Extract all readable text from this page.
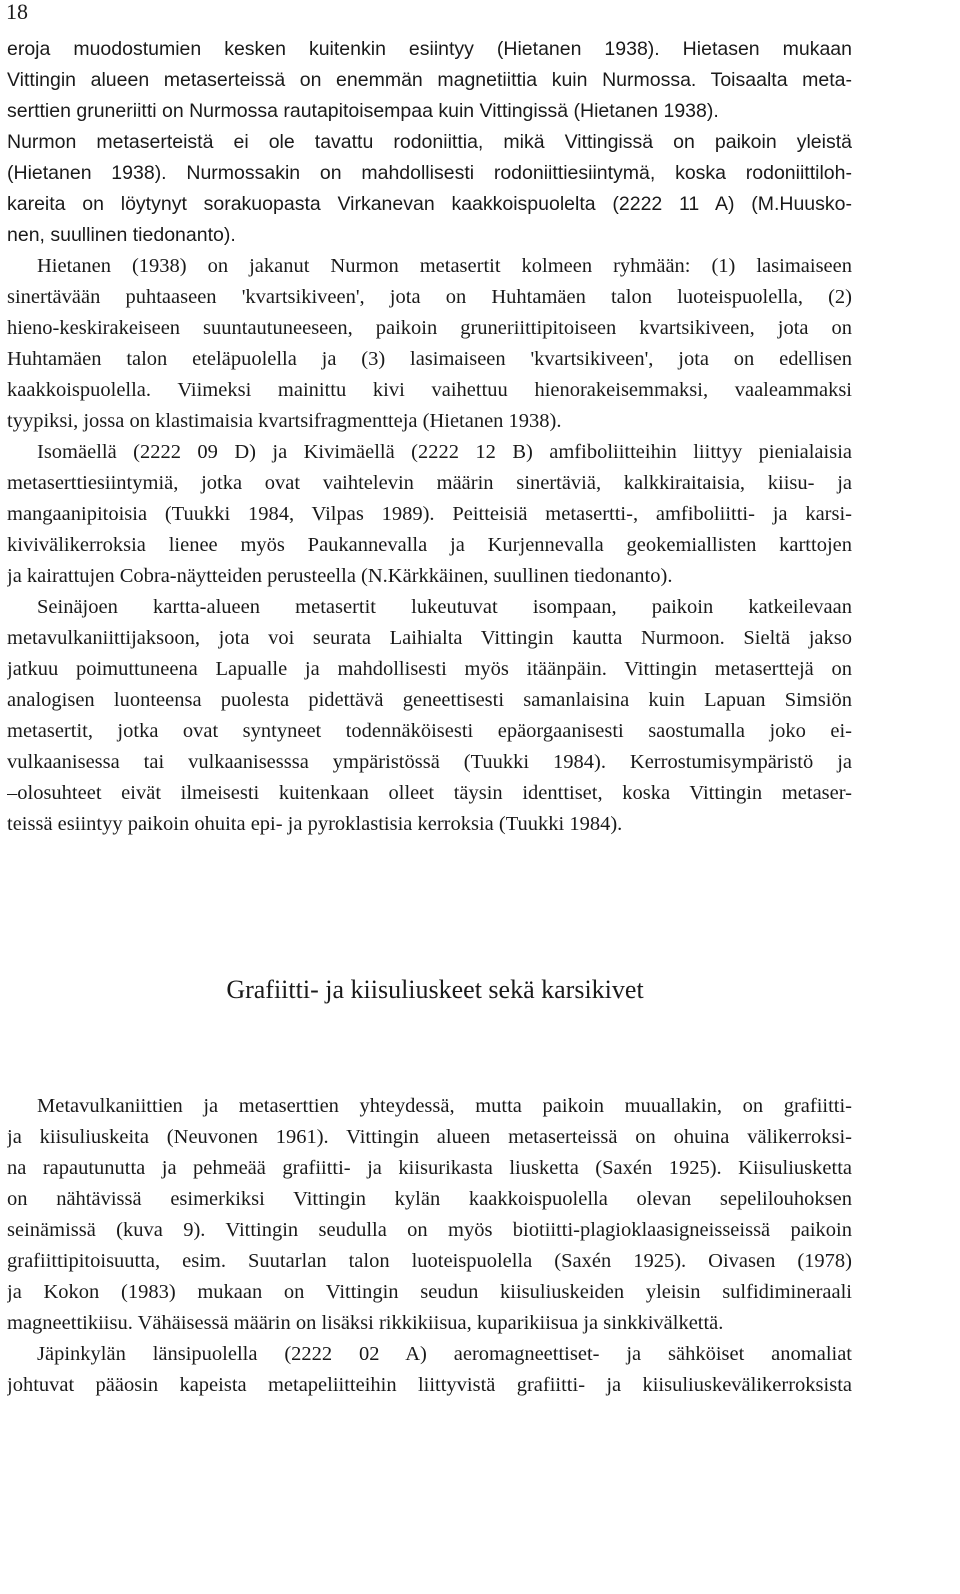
18
eroja muodostumien kesken kuitenkin esiintyy (Hietanen 1938). Hietasen mukaan
Vittingin alueen metaserteissä on enemmän magnetiittia kuin Nurmossa. Toisaalta meta-
serttien gruneriitti on Nurmossa rautapitoisempaa kuin Vittingissä (Hietanen 1938).
Nurmon metaserteistä ei ole tavattu rodoniittia, mikä Vittingissä on paikoin yleistä
(Hietanen 1938). Nurmossakin on mahdollisesti rodoniittiesiintymä, koska rodoniittiloh-
kareita on löytynyt sorakuopasta Virkanevan kaakkoispuolelta (2222 11 A) (M.Huusko-
nen, suullinen tiedonanto).
Hietanen (1938) on jakanut Nurmon metasertit kolmeen ryhmään: (1) lasimaiseen
sinertävään puhtaaseen 'kvartsikiveen', jota on Huhtamäen talon luoteispuolella, (2)
hieno-keskirakeiseen suuntautuneeseen, paikoin gruneriittipitoiseen kvartsikiveen, jota on
Huhtamäen talon eteläpuolella ja (3) lasimaiseen 'kvartsikiveen', jota on edellisen
kaakkoispuolella. Viimeksi mainittu kivi vaihettuu hienorakeisemmaksi, vaaleammaksi
tyypiksi, jossa on klastimaisia kvartsifragmentteja (Hietanen 1938).
Isomäellä (2222 09 D) ja Kivimäellä (2222 12 B) amfiboliitteihin liittyy pienialaisia
metaserttiesiintymiä, jotka ovat vaihtelevin määrin sinertäviä, kalkkiraitaisia, kiisu- ja
mangaanipitoisia (Tuukki 1984, Vilpas 1989). Peitteisiä metasertti-, amfiboliitti- ja karsi-
kivivälikerroksia lienee myös Paukannevalla ja Kurjennevalla geokemiallisten karttojen
ja kairattujen Cobra-näytteiden perusteella (N.Kärkkäinen, suullinen tiedonanto).
Seinäjoen kartta-alueen metasertit lukeutuvat isompaan, paikoin katkeilevaan
metavulkaniittijaksoon, jota voi seurata Laihialta Vittingin kautta Nurmoon. Sieltä jakso
jatkuu poimuttuneena Lapualle ja mahdollisesti myös itäänpäin. Vittingin metaserttejä on
analogisen luonteensa puolesta pidettävä geneettisesti samanlaisina kuin Lapuan Simsiön
metasertit, jotka ovat syntyneet todennäköisesti epäorgaanisesti saostumalla joko ei-
vulkaanisessa tai vulkaanisesssa ympäristössä (Tuukki 1984). Kerrostumisympäristö ja
–olosuhteet eivät ilmeisesti kuitenkaan olleet täysin identtiset, koska Vittingin metaser-
teissä esiintyy paikoin ohuita epi- ja pyroklastisia kerroksia (Tuukki 1984).
Grafiitti- ja kiisuliuskeet sekä karsikivet
Metavulkaniittien ja metaserttien yhteydessä, mutta paikoin muuallakin, on grafiitti-
ja kiisuliuskeita (Neuvonen 1961). Vittingin alueen metaserteissä on ohuina välikerroksi-
na rapautunutta ja pehmeää grafiitti- ja kiisurikasta liusketta (Saxén 1925). Kiisuliusketta
on nähtävissä esimerkiksi Vittingin kylän kaakkoispuolella olevan sepelilouhoksen
seinämissä (kuva 9). Vittingin seudulla on myös biotiitti-plagioklaasigneisseissä paikoin
grafiittipitoisuutta, esim. Suutarlan talon luoteispuolella (Saxén 1925). Oivasen (1978)
ja Kokon (1983) mukaan on Vittingin seudun kiisuliuskeiden yleisin sulfidimineraali
magneettikiisu. Vähäisessä määrin on lisäksi rikkikiisua, kuparikiisua ja sinkkivälkettä.
Jäpinkylän länsipuolella (2222 02 A) aeromagneettiset- ja sähköiset anomaliat
johtuvat pääosin kapeista metapeliitteihin liittyvistä grafiitti- ja kiisuliuskevälikerroksista
